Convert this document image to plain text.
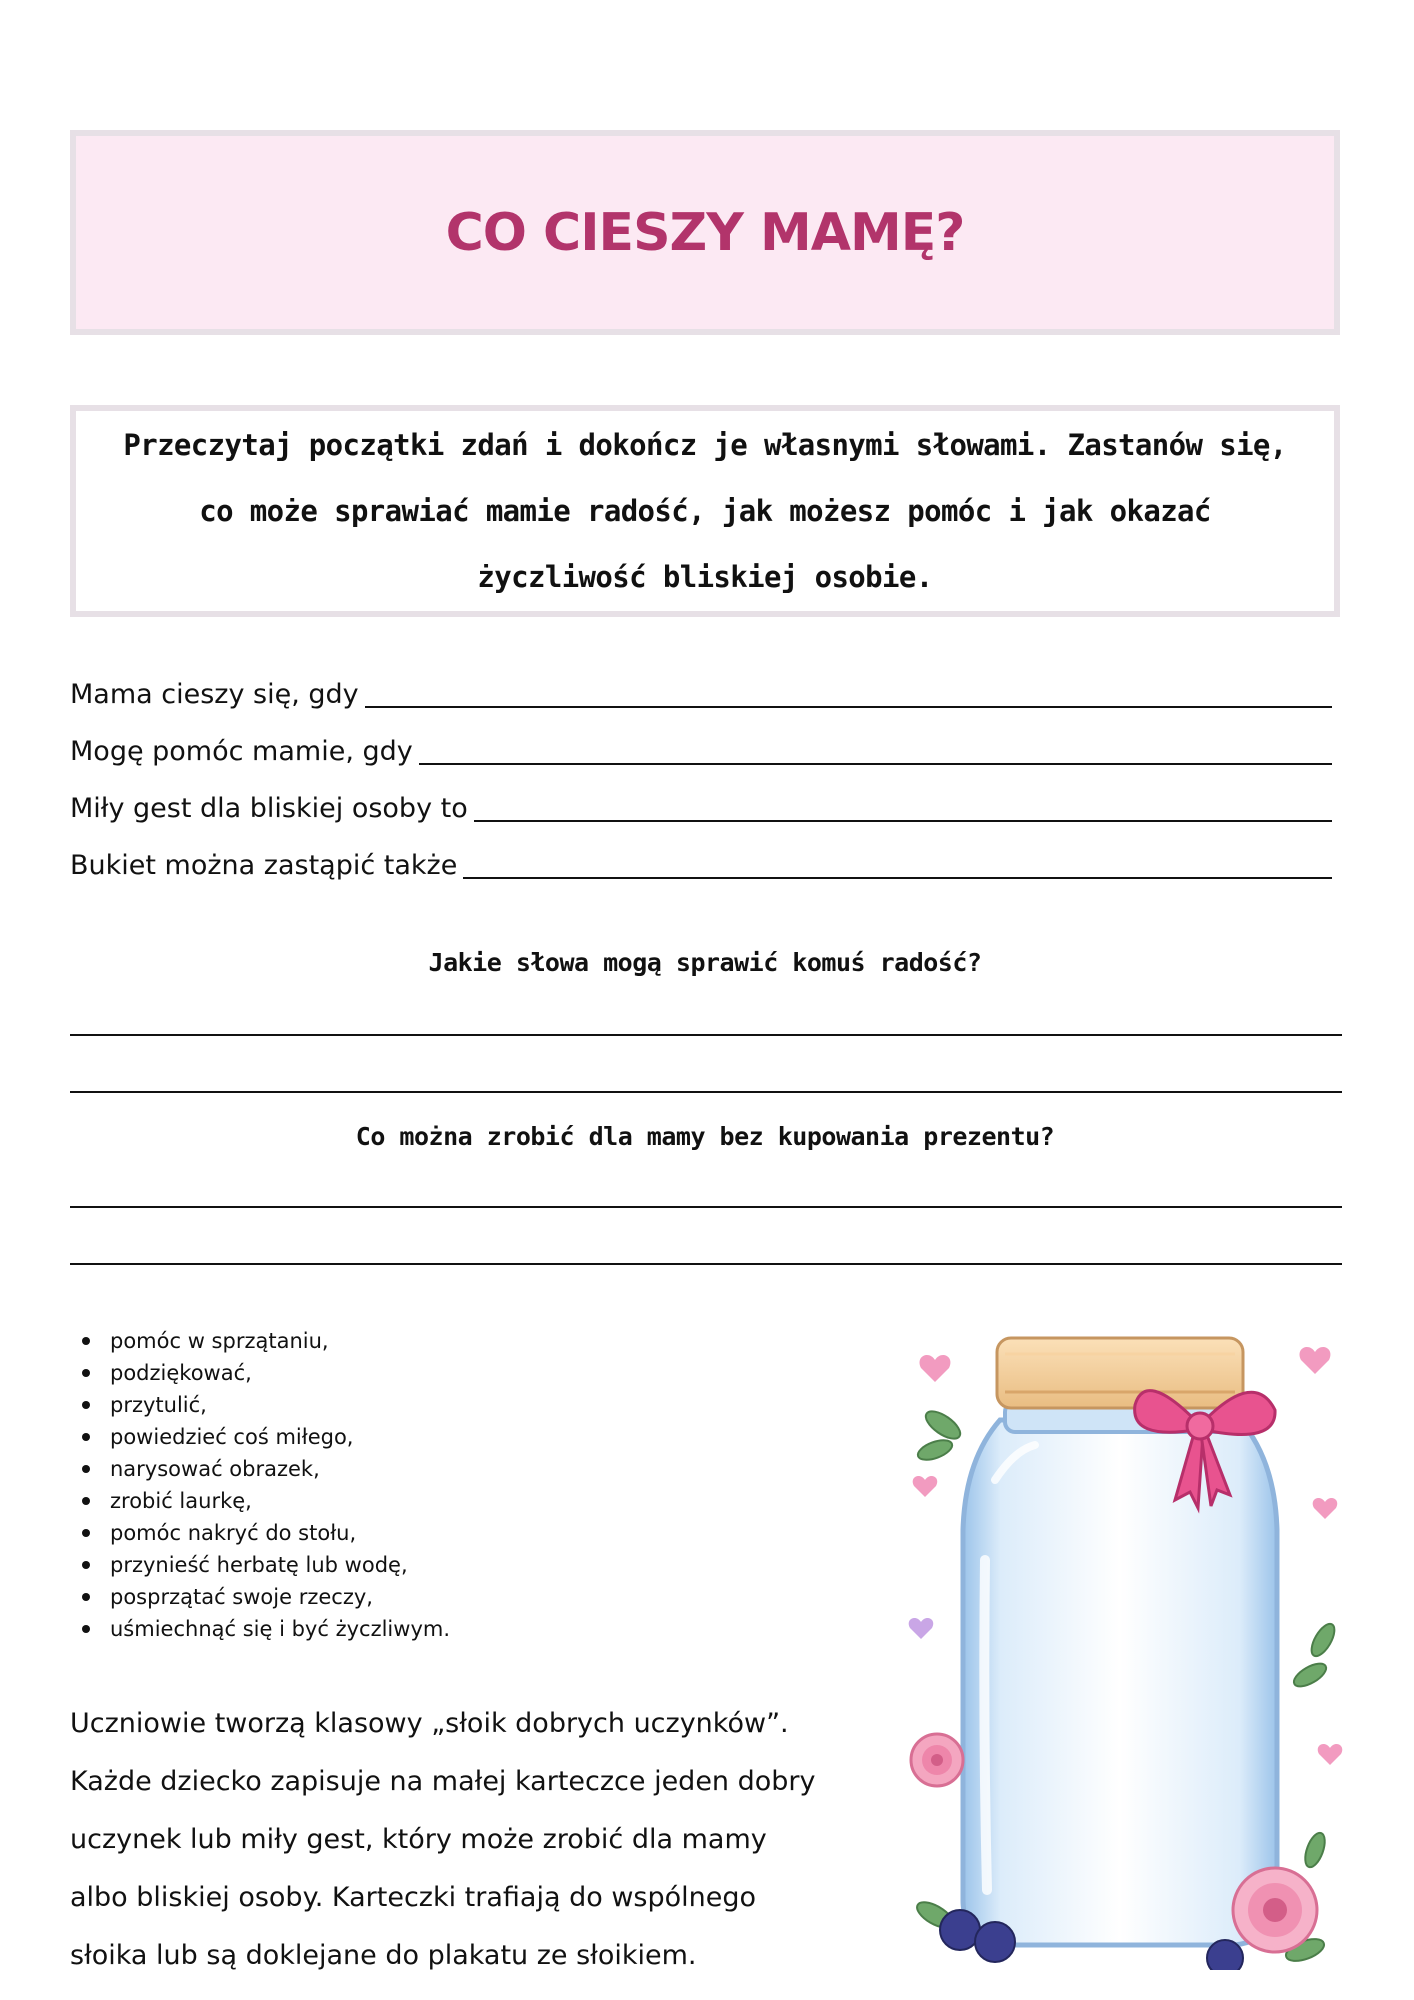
CO CIESZY MAMĘ?

Przeczytaj początki zdań i dokończ je własnymi słowami. Zastanów się, co może sprawiać mamie radość, jak możesz pomóc i jak okazać życzliwość bliskiej osobie.

Mama cieszy się, gdy
Mogę pomóc mamie, gdy
Miły gest dla bliskiej osoby to
Bukiet można zastąpić także

Jakie słowa mogą sprawić komuś radość?

Co można zrobić dla mamy bez kupowania prezentu?

pomóc w sprzątaniu,
podziękować,
przytulić,
powiedzieć coś miłego,
narysować obrazek,
zrobić laurkę,
pomóc nakryć do stołu,
przynieść herbatę lub wodę,
posprzątać swoje rzeczy,
uśmiechnąć się i być życzliwym.

Uczniowie tworzą klasowy „słoik dobrych uczynków”. Każde dziecko zapisuje na małej karteczce jeden dobry uczynek lub miły gest, który może zrobić dla mamy albo bliskiej osoby. Karteczki trafiają do wspólnego słoika lub są doklejane do plakatu ze słoikiem.
